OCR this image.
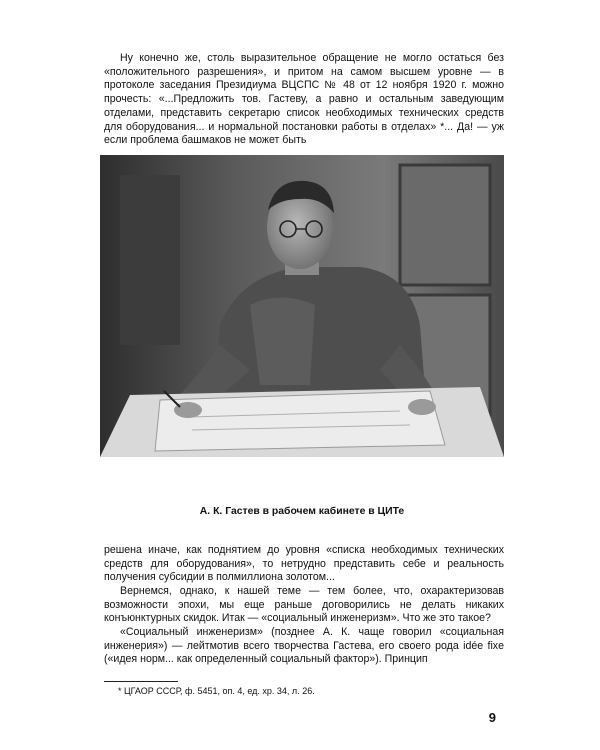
Ну конечно же, столь выразительное обращение не могло остаться без «положительного разрешения», и притом на самом высшем уровне — в протоколе заседания Президиума ВЦСПС № 48 от 12 ноября 1920 г. можно прочесть: «...Предложить тов. Гастеву, а равно и остальным заведующим отделами, представить секретарю список необходимых технических средств для оборудования... и нормальной постановки работы в отделах» *... Да! — уж если проблема башмаков не может быть

А. К. Гастев в рабочем кабинете в ЦИТе

решена иначе, как поднятием до уровня «списка необходимых технических средств для оборудования», то нетрудно представить себе и реальность получения субсидии в полмиллиона золотом...

Вернемся, однако, к нашей теме — тем более, что, охарактеризовав возможности эпохи, мы еще раньше договорились не делать никаких конъюнктурных скидок. Итак — «социальный инженеризм». Что же это такое?

«Социальный инженеризм» (позднее А. К. чаще говорил «социальная инженерия») — лейтмотив всего творчества Гастева, его своего рода idée fixe («идея норм... как определенный социальный фактор»). Принцип

* ЦГАОР СССР, ф. 5451, оп. 4, ед. хр. 34, л. 26.
9
